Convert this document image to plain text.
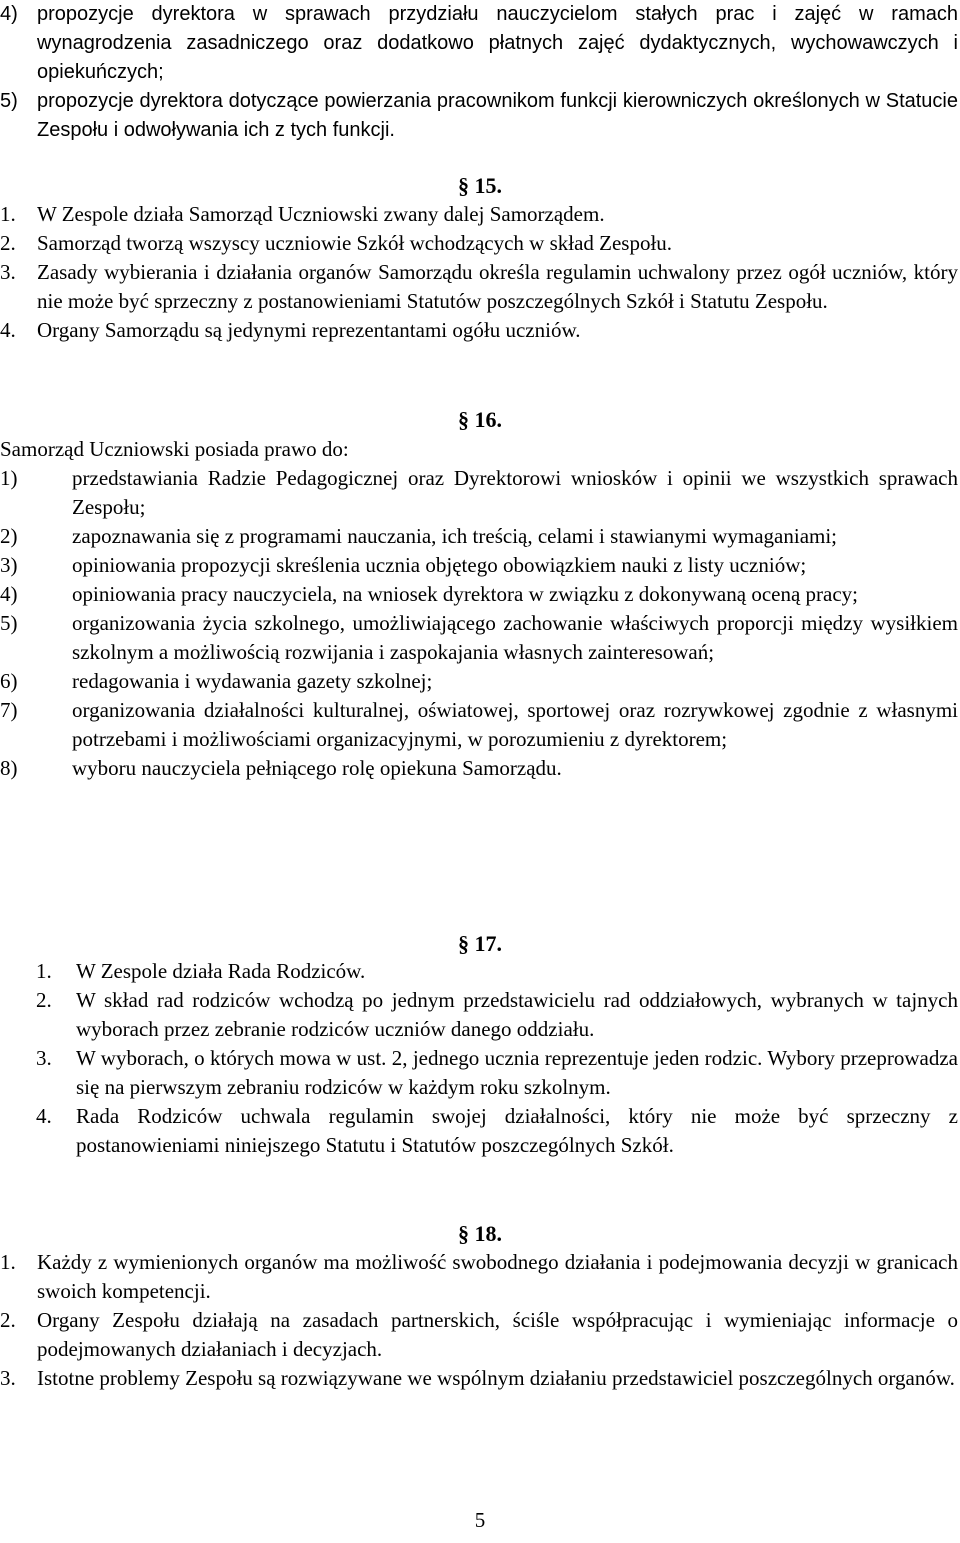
4) propozycje dyrektora w sprawach przydziału nauczycielom stałych prac i zajęć w ramach wynagrodzenia zasadniczego oraz dodatkowo płatnych zajęć dydaktycznych, wychowawczych i opiekuńczych;
5) propozycje dyrektora dotyczące powierzania pracownikom funkcji kierowniczych określonych w Statucie Zespołu i odwoływania ich z tych funkcji.
§ 15.
1.	W Zespole działa Samorząd Uczniowski zwany dalej Samorządem.
2.	Samorząd tworzą wszyscy uczniowie Szkół wchodzących w skład Zespołu.
3.	Zasady wybierania i działania organów Samorządu określa regulamin uchwalony przez ogół uczniów, który nie może być sprzeczny z postanowieniami Statutów poszczególnych Szkół i Statutu Zespołu.
4.	Organy Samorządu są jedynymi reprezentantami ogółu uczniów.
§ 16.
Samorząd Uczniowski posiada prawo do:
1)	przedstawiania Radzie Pedagogicznej oraz Dyrektorowi wniosków i opinii we wszystkich sprawach Zespołu;
2)	zapoznawania się z programami nauczania, ich treścią, celami i stawianymi wymaganiami;
3)	opiniowania propozycji skreślenia ucznia objętego obowiązkiem nauki z listy uczniów;
4)	opiniowania pracy nauczyciela, na wniosek dyrektora w związku z dokonywaną oceną pracy;
5)	organizowania życia szkolnego, umożliwiającego zachowanie właściwych proporcji między wysiłkiem szkolnym a możliwością rozwijania i zaspokajania własnych zainteresowań;
6)	redagowania i wydawania gazety szkolnej;
7)	organizowania działalności kulturalnej, oświatowej, sportowej oraz rozrywkowej zgodnie z własnymi potrzebami i możliwościami organizacyjnymi, w porozumieniu z dyrektorem;
8)	wyboru nauczyciela pełniącego rolę opiekuna Samorządu.
§ 17.
1.	W Zespole działa Rada Rodziców.
2.	W skład rad rodziców wchodzą po jednym przedstawicielu rad oddziałowych, wybranych w tajnych wyborach przez zebranie rodziców uczniów danego oddziału.
3.	W wyborach, o których mowa w ust. 2, jednego ucznia reprezentuje jeden rodzic. Wybory przeprowadza się na pierwszym zebraniu rodziców w każdym roku szkolnym.
4.	Rada Rodziców uchwala regulamin swojej działalności, który nie może być sprzeczny z postanowieniami niniejszego Statutu i Statutów poszczególnych Szkół.
§ 18.
1.	Każdy z wymienionych organów ma możliwość swobodnego działania i podejmowania decyzji w granicach swoich kompetencji.
2.	Organy Zespołu działają na zasadach partnerskich, ściśle współpracując i wymieniając informacje o podejmowanych działaniach i decyzjach.
3.	Istotne problemy Zespołu są rozwiązywane we wspólnym działaniu przedstawiciel poszczególnych organów.
5
